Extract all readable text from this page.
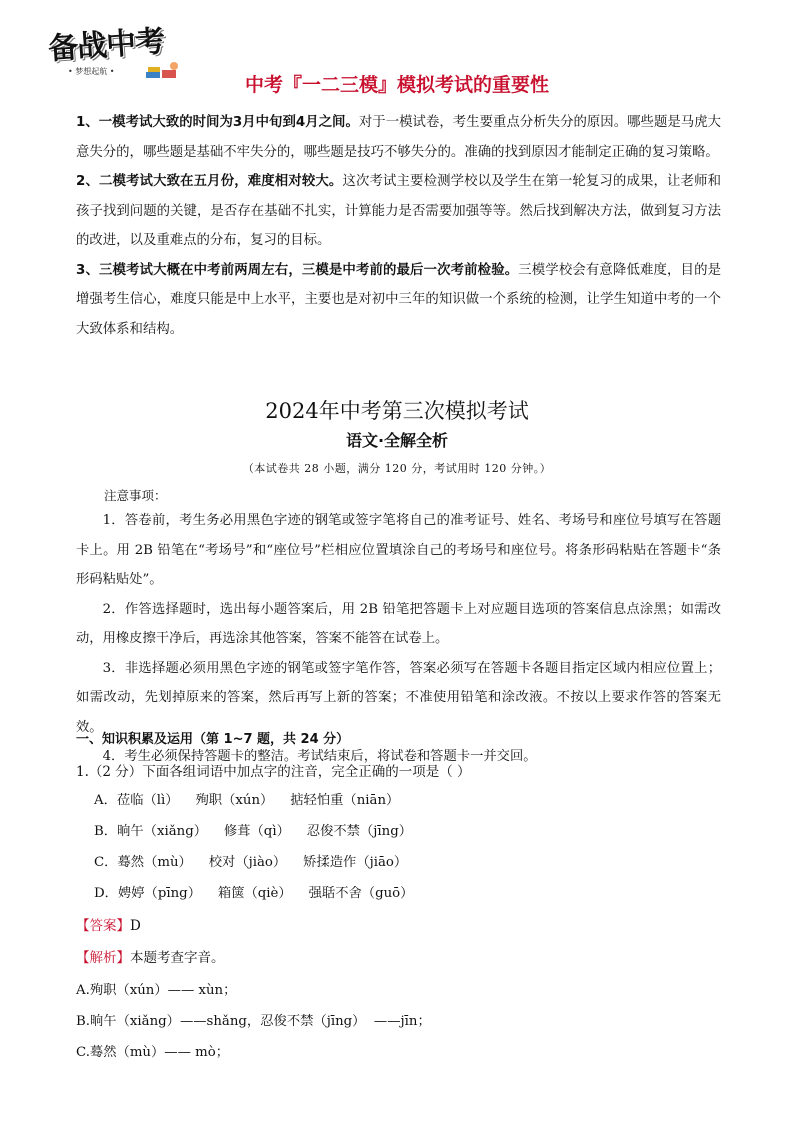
备战中考
• 梦想起航 •
中考『一二三模』模拟考试的重要性

1、一模考试大致的时间为3月中旬到4月之间。对于一模试卷，考生要重点分析失分的原因。哪些题是马虎大意失分的，哪些题是基础不牢失分的，哪些题是技巧不够失分的。准确的找到原因才能制定正确的复习策略。

2、二模考试大致在五月份，难度相对较大。这次考试主要检测学校以及学生在第一轮复习的成果，让老师和孩子找到问题的关键，是否存在基础不扎实，计算能力是否需要加强等等。然后找到解决方法，做到复习方法的改进，以及重难点的分布，复习的目标。

3、三模考试大概在中考前两周左右，三模是中考前的最后一次考前检验。三模学校会有意降低难度，目的是增强考生信心，难度只能是中上水平，主要也是对初中三年的知识做一个系统的检测，让学生知道中考的一个大致体系和结构。

2024年中考第三次模拟考试
语文·全解全析
（本试卷共 28 小题，满分 120 分，考试用时 120 分钟。）
注意事项：

1．答卷前，考生务必用黑色字迹的钢笔或签字笔将自己的准考证号、姓名、考场号和座位号填写在答题卡上。用 2B 铅笔在“考场号”和“座位号”栏相应位置填涂自己的考场号和座位号。将条形码粘贴在答题卡“条形码粘贴处”。

2．作答选择题时，选出每小题答案后，用 2B 铅笔把答题卡上对应题目选项的答案信息点涂黑；如需改动，用橡皮擦干净后，再选涂其他答案，答案不能答在试卷上。

3．非选择题必须用黑色字迹的钢笔或签字笔作答，答案必须写在答题卡各题目指定区域内相应位置上；如需改动，先划掉原来的答案，然后再写上新的答案；不准使用铅笔和涂改液。不按以上要求作答的答案无效。

4．考生必须保持答题卡的整洁。考试结束后，将试卷和答题卡一并交回。

一、知识积累及运用（第 1~7 题，共 24 分）
1.（2 分）下面各组词语中加点字的注音，完全正确的一项是（ ）
A．莅临（lì）    殉职（xún）    掂轻怕重（niān）
B．晌午（xiǎng）    修葺（qì）    忍俊不禁（jīng）
C．蓦然（mù）    校对（jiào）    矫揉造作（jiāo）
D．娉婷（pīng）    箱箧（qiè）    强聒不舍（guō）
【答案】D
【解析】本题考查字音。
A.殉职（xún）—— xùn；
B.晌午（xiǎng）——shǎng，忍俊不禁（jīng）  ——jīn；
C.蓦然（mù）—— mò；
